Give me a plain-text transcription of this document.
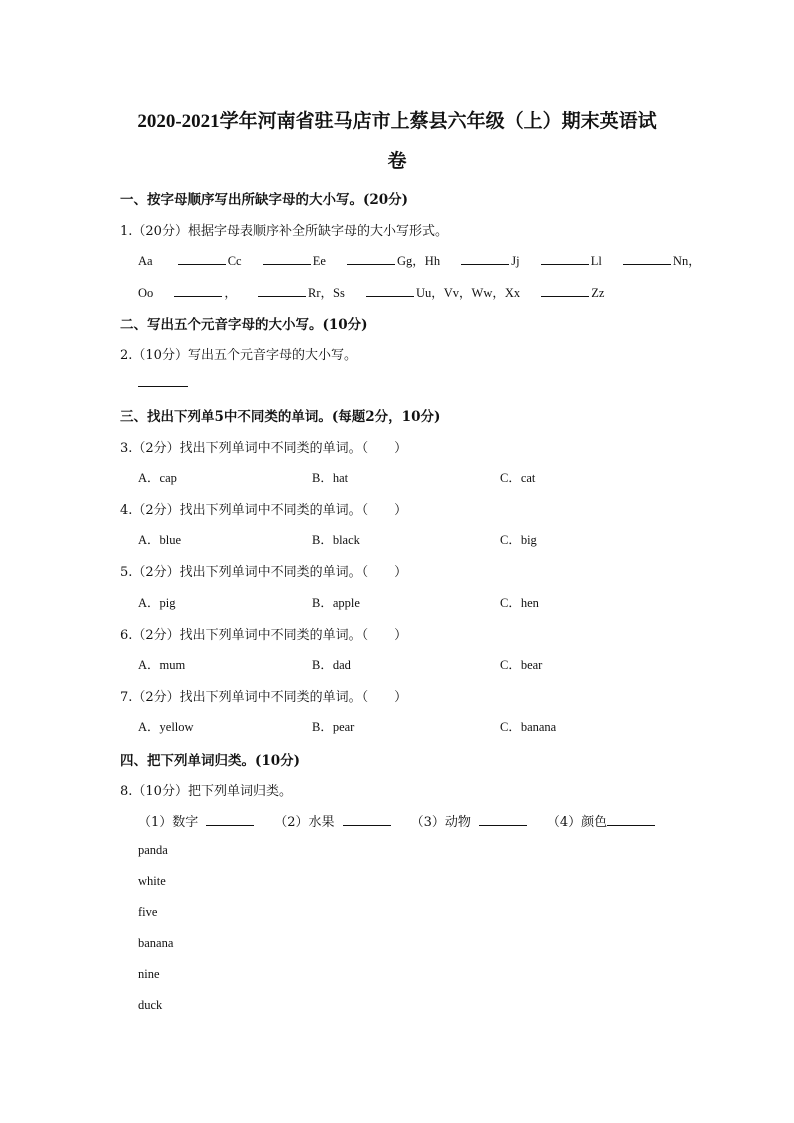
2020-2021学年河南省驻马店市上蔡县六年级（上）期末英语试
卷
一、按字母顺序写出所缺字母的大小写。(20分)
1.（20分）根据字母表顺序补全所缺字母的大小写形式。
Aa	Cc	Ee	Gg，Hh	Jj	Ll	Nn，
Oo	，	Rr，Ss	Uu，Vv，Ww，Xx	Zz
二、写出五个元音字母的大小写。(10分)
2.（10分）写出五个元音字母的大小写。
三、找出下列单5中不同类的单词。(每题2分，10分)
3.（2分）找出下列单词中不同类的单词。（　　）
A．cap	B．hat	C．cat
4.（2分）找出下列单词中不同类的单词。（　　）
A．blue	B．black	C．big
5.（2分）找出下列单词中不同类的单词。（　　）
A．pig	B．apple	C．hen
6.（2分）找出下列单词中不同类的单词。（　　）
A．mum	B．dad	C．bear
7.（2分）找出下列单词中不同类的单词。（　　）
A．yellow	B．pear	C．banana
四、把下列单词归类。(10分)
8.（10分）把下列单词归类。
（1）数字	（2）水果	（3）动物	（4）颜色
panda
white
five
banana
nine
duck
